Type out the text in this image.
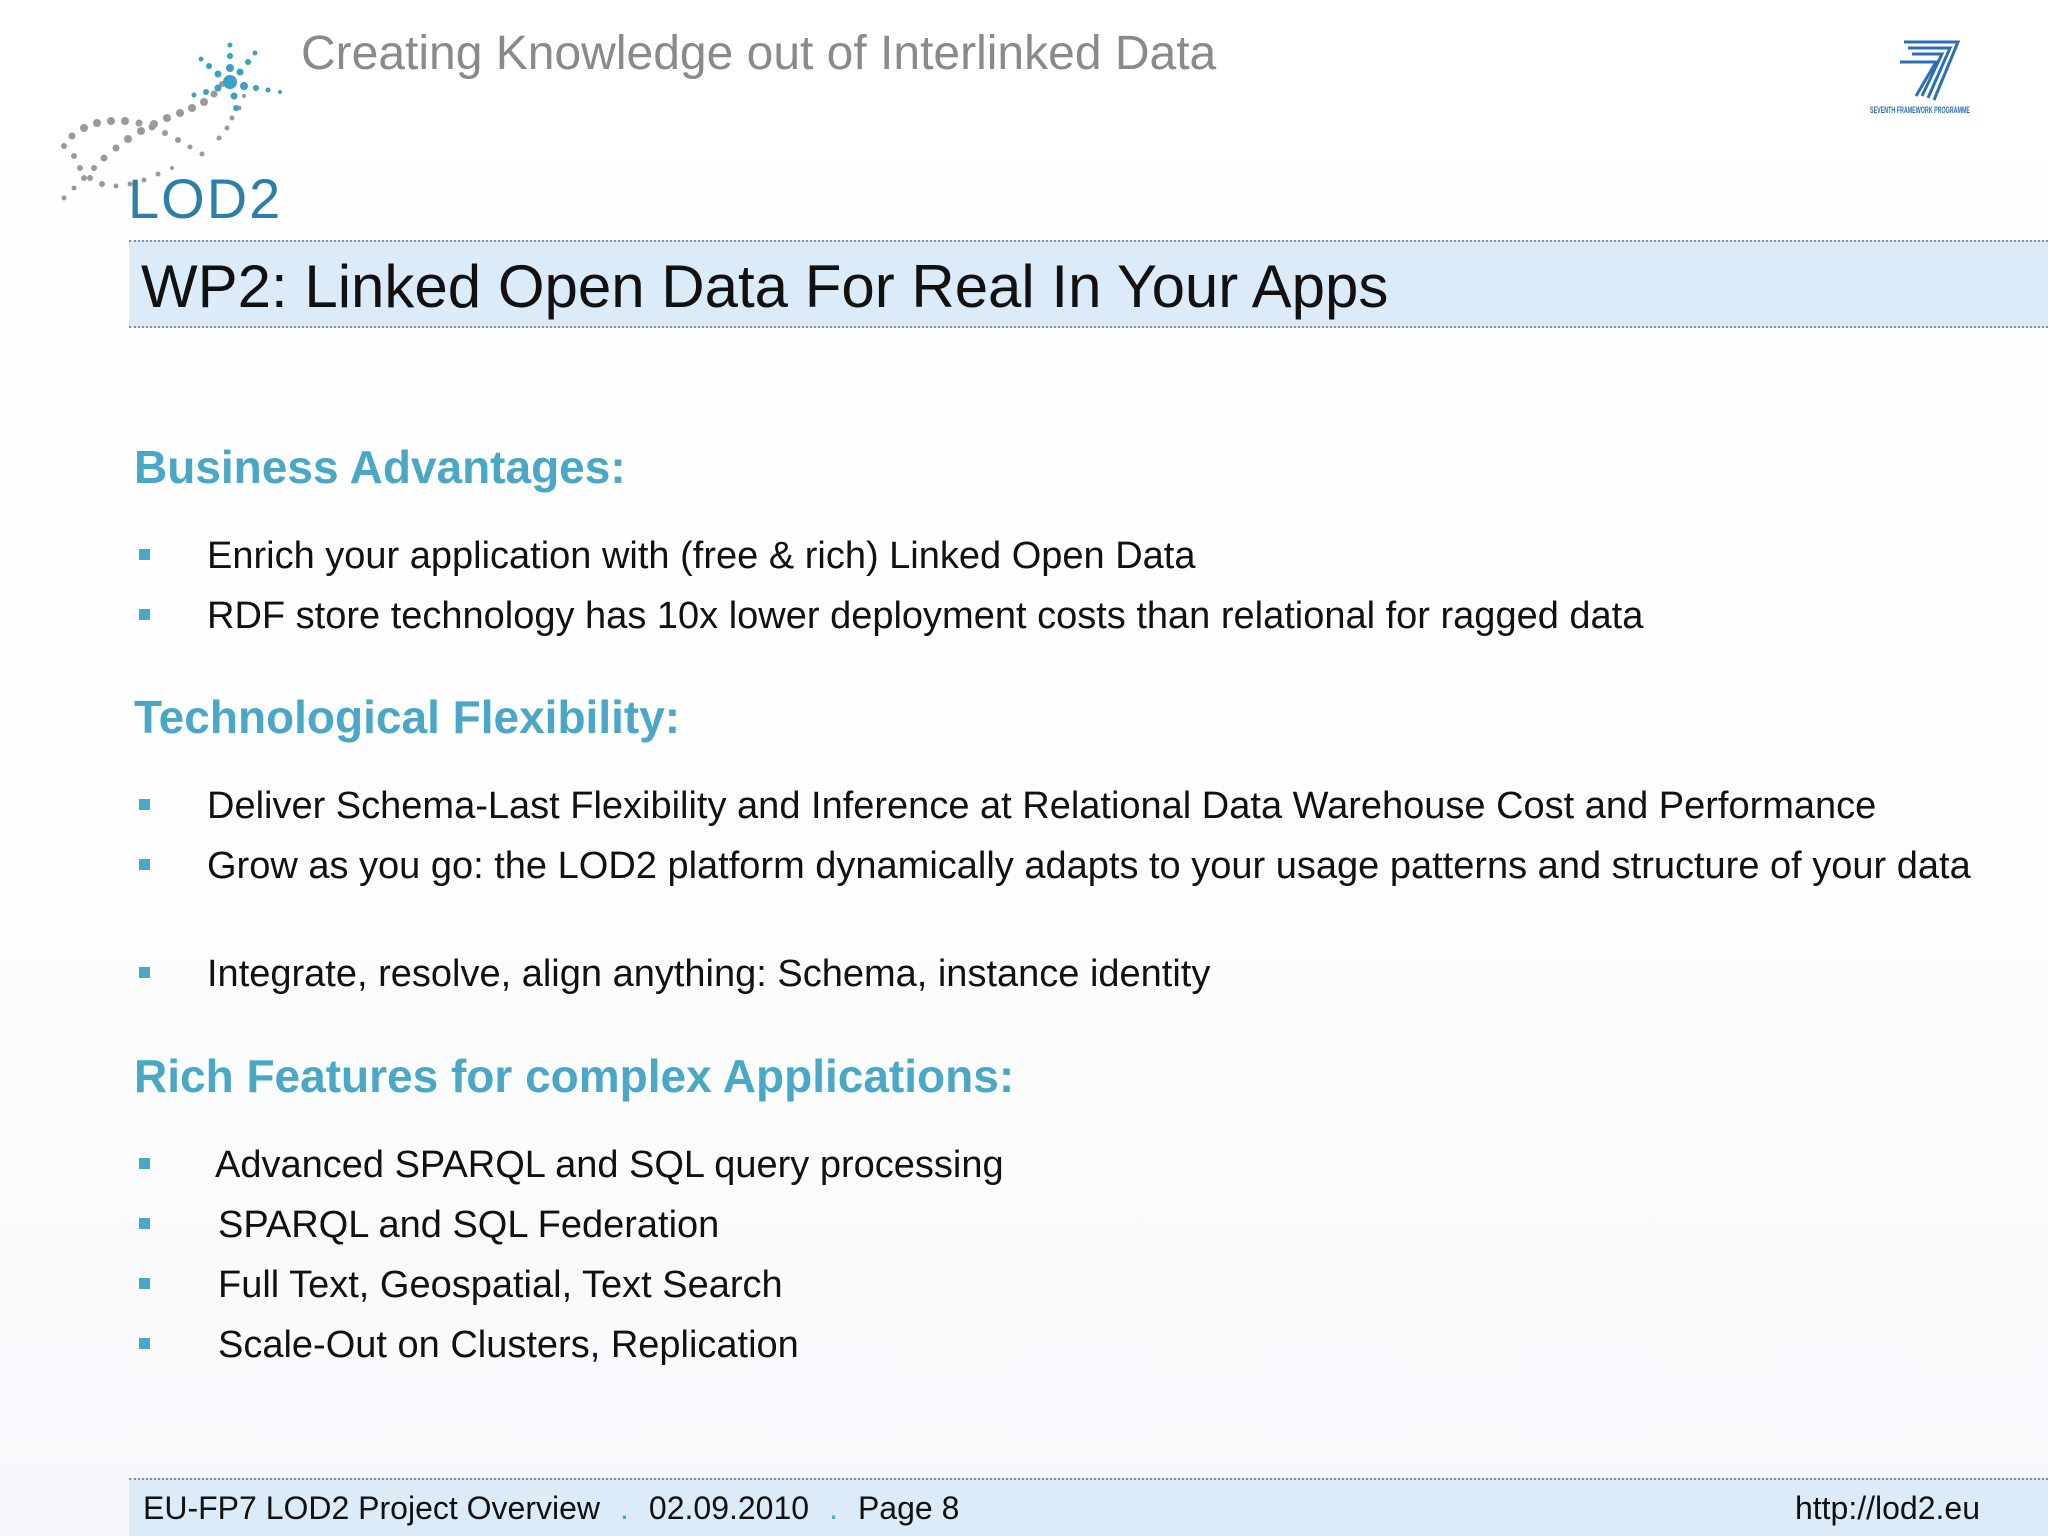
LOD2
Creating Knowledge out of Interlinked Data
SEVENTH FRAMEWORK PROGRAMME
WP2: Linked Open Data For Real In Your Apps
Business Advantages:
Enrich your application with (free & rich) Linked Open Data
RDF store technology has 10x lower deployment costs than relational for ragged data
Technological Flexibility:
Deliver Schema-Last Flexibility and Inference at Relational Data Warehouse Cost and Performance
Grow as you go: the LOD2 platform dynamically adapts to your usage patterns and structure of your data
Integrate, resolve, align anything: Schema, instance identity
Rich Features for complex Applications:
Advanced SPARQL and SQL query processing
SPARQL and SQL Federation
Full Text, Geospatial, Text Search
Scale-Out on Clusters, Replication
EU-FP7 LOD2 Project Overview . 02.09.2010 . Page 8	http://lod2.eu
